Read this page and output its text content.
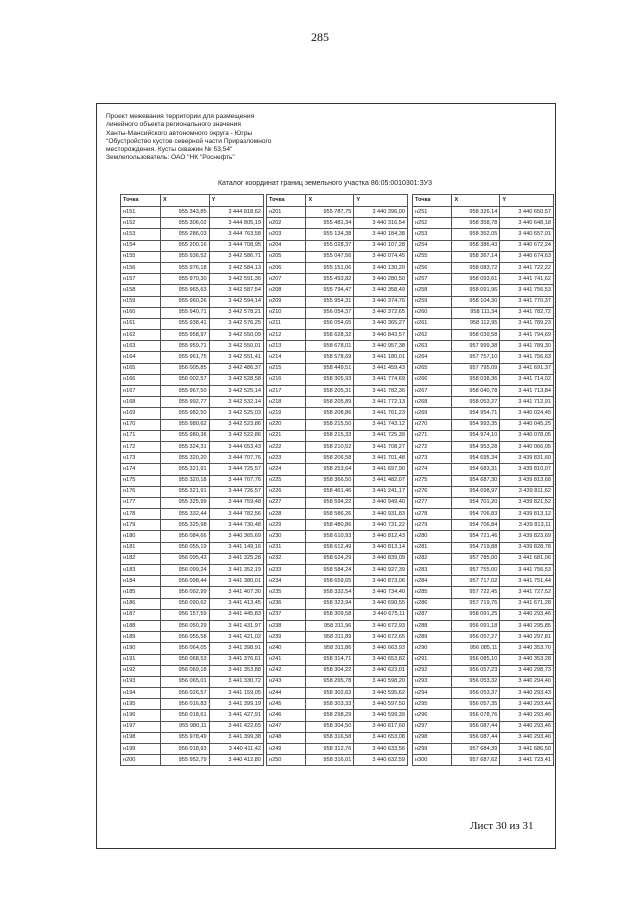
285
Проект межевания территории для размещения
линейного объекта регионального значения
Ханты-Мансийского автономного округа - Югры
"Обустройство кустов северной части Приразломного
месторождения. Кусты скважин № 53,54"
Землепользователь: ОАО "НК "Роснефть"
Каталог координат границ земельного участка 86:05:0010301:ЗУ3
Точка	X	Y
н151	955 343,85	3 444 818,62
н152	955 306,02	3 444 805,19
н153	955 286,03	3 444 763,58
н154	955 200,16	3 444 708,95
н155	955 936,52	3 442 586,71
н156	955 976,18	3 442 584,13
н157	955 970,30	3 442 591,36
н158	955 965,63	3 442 587,54
н159	955 960,26	3 442 594,14
н160	955 940,71	3 442 578,21
н161	955 938,41	3 442 576,25
н162	955 958,97	3 442 550,09
н163	955 959,71	3 442 550,01
н164	955 961,75	3 442 551,41
н165	956 005,85	3 442 486,37
н166	956 002,57	3 442 528,58
н167	955 967,50	3 442 525,14
н168	955 992,77	3 442 532,14
н169	955 982,50	3 442 525,03
н170	955 980,62	3 442 523,86
н171	955 980,36	3 442 522,86
н172	955 324,31	3 444 653,43
н173	955 320,20	3 444 707,76
н174	955 321,91	3 444 725,57
н175	955 320,18	3 444 707,76
н176	955 321,91	3 444 726,57
н177	955 325,99	3 444 759,48
н178	955 332,44	3 444 782,56
н179	955 325,98	3 444 730,48
н180	956 084,66	3 440 365,69
н181	956 055,19	3 441 149,16
н182	956 095,43	3 441 325,28
н183	956 099,24	3 441 352,19
н184	956 098,44	3 441 380,01
н185	956 092,99	3 441 407,30
н186	956 090,62	3 441 413,45
н187	956 157,59	3 441 445,83
н188	956 050,29	3 441 431,97
н189	956 055,58	3 441 421,02
н190	956 064,05	3 441 398,91
н191	956 068,53	3 441 376,61
н192	956 069,18	3 441 353,88
н193	956 065,01	3 441 330,72
н194	956 026,57	3 441 159,05
н195	956 016,83	3 441 399,19
н196	956 018,61	3 441 427,91
н197	955 980,11	3 441 422,65
н198	955 978,49	3 441 399,38
н199	956 018,93	3 440 411,42
н200	955 952,79	3 440 412,80
Точка	X	Y
н201	955 787,75	3 440 396,00
н202	955 481,34	3 440 316,54
н203	955 134,38	3 440 184,38
н204	955 028,37	3 440 107,28
н205	955 047,56	3 440 074,45
н206	955 151,06	3 440 130,20
н207	955 493,82	3 440 280,50
н208	955 794,47	3 440 358,49
н209	955 954,31	3 440 374,76
н210	956 054,37	3 440 372,65
н211	956 054,65	3 440 365,27
н212	958 628,32	3 440 843,57
н213	958 678,01	3 440 957,38
н214	958 578,69	3 441 180,01
н215	958 449,51	3 441 459,43
н216	958 305,93	3 441 774,69
н217	958 205,31	3 441 782,36
н218	958 205,89	3 441 772,13
н219	958 208,86	3 441 761,23
н220	958 215,50	3 441 743,12
н221	958 215,33	3 441 725,39
н222	958 210,52	3 441 708,27
н223	958 206,58	3 441 701,48
н224	958 253,64	3 441 697,90
н225	958 366,50	3 441 482,07
н226	958 461,46	3 441 241,17
н227	958 594,22	3 440 949,40
н228	958 586,26	3 440 931,83
н229	958 480,86	3 440 731,22
н230	958 610,93	3 440 812,43
н231	958 612,49	3 440 813,14
н232	958 624,29	3 440 839,09
н233	958 584,24	3 440 927,39
н234	958 659,65	3 440 873,06
н235	958 332,54	3 440 734,40
н236	958 323,94	3 440 690,55
н237	958 309,58	3 440 675,11
н238	958 311,96	3 440 672,93
н239	958 311,89	3 440 672,65
н240	958 311,86	3 440 663,93
н241	958 314,71	3 440 653,82
н242	958 304,22	3 440 623,01
н243	958 295,78	3 440 598,20
н244	958 302,63	3 440 595,62
н245	958 303,33	3 440 597,50
н246	958 298,29	3 440 599,39
н247	958 304,50	3 440 617,60
н248	958 316,58	3 440 653,08
н249	958 312,76	3 440 633,56
н250	958 316,01	3 440 632,59
Точка	X	Y
н251	958 326,14	3 440 650,57
н252	958 358,78	3 440 648,18
н253	958 352,05	3 440 657,01
н254	958 386,43	3 440 672,24
н255	958 367,14	3 440 674,63
н256	958 083,72	3 441 722,22
н257	958 093,61	3 441 741,62
н258	958 091,96	3 441 756,53
н259	958 104,30	3 441 770,37
н260	958 111,34	3 441 782,72
н261	958 112,95	3 441 789,23
н262	958 039,58	3 441 794,69
н263	957 999,38	3 441 789,30
н264	957 757,10	3 441 756,63
н265	957 795,09	3 441 691,37
н266	958 038,36	3 441 714,02
н267	958 040,78	3 441 713,84
н268	958 053,27	3 441 712,91
н269	954 954,71	3 440 024,45
н270	954 993,35	3 440 045,25
н271	954 974,10	3 440 078,05
н272	954 953,28	3 440 066,05
н273	954 695,34	3 439 831,60
н274	954 683,31	3 439 810,07
н275	954 687,30	3 439 813,68
н276	954 698,97	3 439 811,62
н277	954 701,20	3 439 821,52
н278	954 706,83	3 439 813,12
н279	954 706,84	3 439 813,11
н280	954 721,46	3 439 823,69
н281	954 719,88	3 439 828,78
н282	957 785,00	3 441 681,06
н283	957 755,00	3 441 756,53
н284	957 717,02	3 441 751,44
н285	957 722,45	3 441 727,52
н286	957 719,75	3 441 671,28
н287	958 091,25	3 440 293,46
н288	956 091,18	3 440 295,85
н289	956 057,27	3 440 297,81
н290	956 085,11	3 440 353,70
н291	956 085,10	3 440 353,28
н292	956 057,23	3 440 298,73
н293	956 053,32	3 440 294,40
н294	956 053,37	3 440 293,43
н295	956 057,35	3 440 293,44
н296	956 078,76	3 440 293,46
н297	956 087,44	3 440 293,46
н298	956 087,44	3 440 293,46
н299	957 684,39	3 441 686,50
н300	957 687,62	3 441 723,41
Лист 30 из 31
